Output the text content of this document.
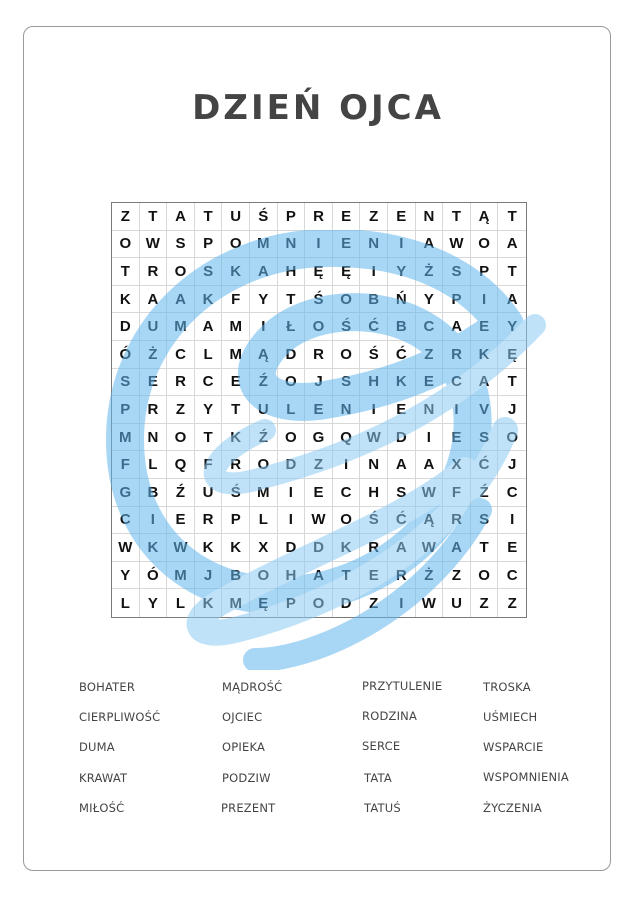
DZIEŃ OJCA
Z	T	A	T	U	Ś	P	R	E	Z	E	N	T	Ą	T
O W	S	P	O	M	N	I	E	N	I	A	W O	A
T	R	O	S	K	A	H	Ę	Ę	I	Y	Ż	S	P	T
K	A	A	K	F	Y	T	Ś	O	B	Ń	Y	P	I	A
D	U	M	A	M	I	Ł	O	Ś	Ć	B	C	A	E	Y
Ó	Ż	C	L	M	Ą	D	R	O	Ś	Ć	Z	R	K	Ę
S	E	R	C	E	Ź	O	J	S	H	K	E	C	A	T
P	R	Z	Y	T	U	L	E	N	I	E	N	I	V	J
M	N	O	T	K	Ź	O	G	Q W	D	I	E	S	O
F	L	Q	F	R	O	D	Z	I	N	A	A	X	Ć	J
G	B	Ź	U	Ś	M	I	E	C	H	S	W	F	Ź	C
C	I	E	R	P	L	I	W O	Ś	Ć	Ą	R	S	I
W	K	W	K	K	X	D	D	K	R	A	W	A	T	E
Y	Ó	M	J	B	O	H	A	T	E	R	Ż	Z	O	C
L	Y	L	K	M	Ę	P	O	D	Z	I	W	U	Z	Z
BOHATER
CIERPLIWOŚĆ
DUMA
KRAWAT
MIŁOŚĆ
MĄDROŚĆ
OJCIEC
OPIEKA
PODZIW
PREZENT
PRZYTULENIE
RODZINA
SERCE
TATA
TATUŚ
TROSKA
UŚMIECH
WSPARCIE
WSPOMNIENIA
ŻYCZENIA
